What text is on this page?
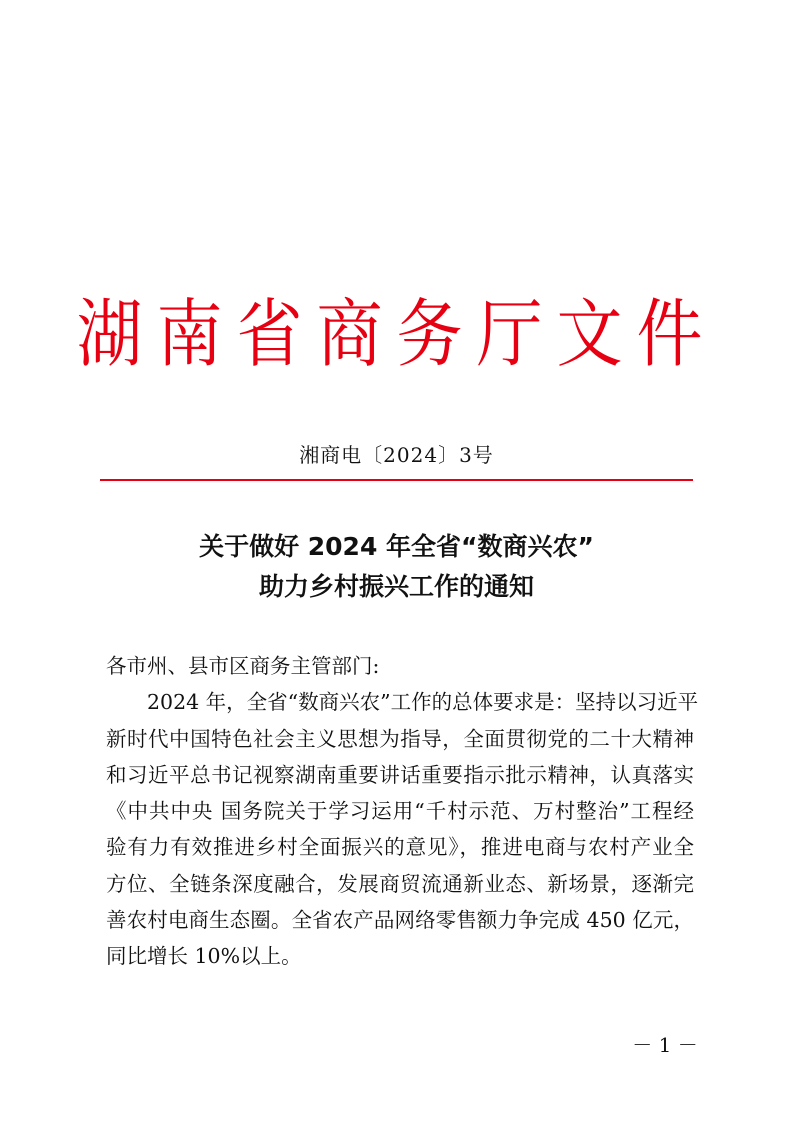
湖南省商务厅文件
湘商电〔2024〕3号
关于做好 2024 年全省“数商兴农”
助力乡村振兴工作的通知
各市州、县市区商务主管部门:
2024 年，全省“数商兴农”工作的总体要求是：坚持以习近平
新时代中国特色社会主义思想为指导，全面贯彻党的二十大精神
和习近平总书记视察湖南重要讲话重要指示批示精神，认真落实
《中共中央 国务院关于学习运用“千村示范、万村整治”工程经
验有力有效推进乡村全面振兴的意见》，推进电商与农村产业全
方位、全链条深度融合，发展商贸流通新业态、新场景，逐渐完
善农村电商生态圈。全省农产品网络零售额力争完成 450 亿元，
同比增长 10%以上。
－ 1 －
